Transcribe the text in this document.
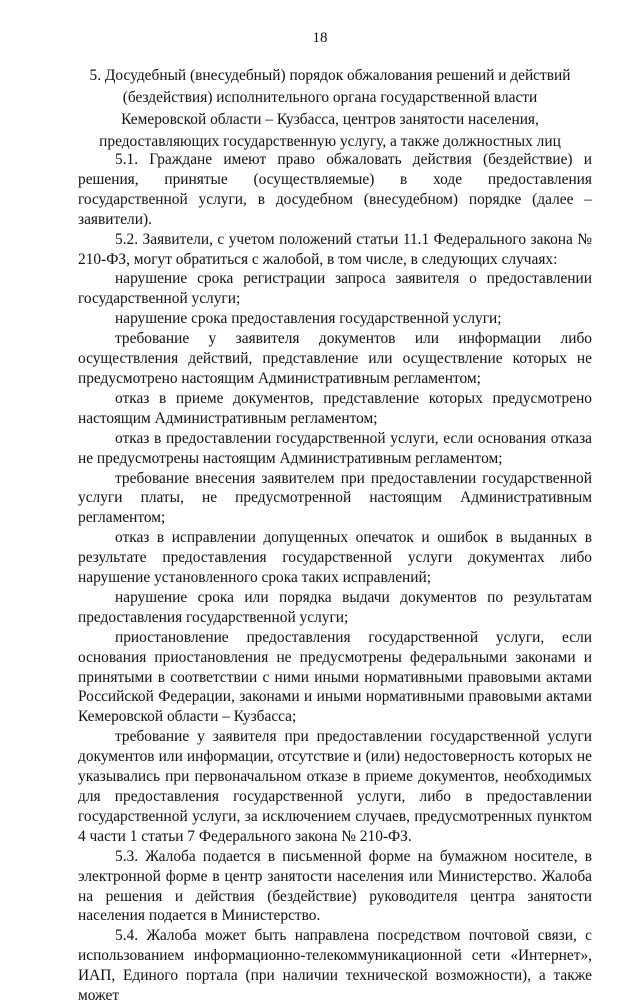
18
5. Досудебный (внесудебный) порядок обжалования решений и действий
(бездействия) исполнительного органа государственной власти
Кемеровской области – Кузбасса, центров занятости населения,
предоставляющих государственную услугу, а также должностных лиц

5.1. Граждане имеют право обжаловать действия (бездействие) и решения, принятые (осуществляемые) в ходе предоставления государственной услуги, в досудебном (внесудебном) порядке (далее – заявители).

5.2. Заявители, с учетом положений статьи 11.1 Федерального закона № 210-ФЗ, могут обратиться с жалобой, в том числе, в следующих случаях:

нарушение срока регистрации запроса заявителя о предоставлении государственной услуги;

нарушение срока предоставления государственной услуги;

требование у заявителя документов или информации либо осуществления действий, представление или осуществление которых не предусмотрено настоящим Административным регламентом;

отказ в приеме документов, представление которых предусмотрено настоящим Административным регламентом;

отказ в предоставлении государственной услуги, если основания отказа не предусмотрены настоящим Административным регламентом;

требование внесения заявителем при предоставлении государственной услуги платы, не предусмотренной настоящим Административным регламентом;

отказ в исправлении допущенных опечаток и ошибок в выданных в результате предоставления государственной услуги документах либо нарушение установленного срока таких исправлений;

нарушение срока или порядка выдачи документов по результатам предоставления государственной услуги;

приостановление предоставления государственной услуги, если основания приостановления не предусмотрены федеральными законами и принятыми в соответствии с ними иными нормативными правовыми актами Российской Федерации, законами и иными нормативными правовыми актами Кемеровской области – Кузбасса;

требование у заявителя при предоставлении государственной услуги документов или информации, отсутствие и (или) недостоверность которых не указывались при первоначальном отказе в приеме документов, необходимых для предоставления государственной услуги, либо в предоставлении государственной услуги, за исключением случаев, предусмотренных пунктом 4 части 1 статьи 7 Федерального закона № 210-ФЗ.

5.3. Жалоба подается в письменной форме на бумажном носителе, в электронной форме в центр занятости населения или Министерство. Жалоба на решения и действия (бездействие) руководителя центра занятости населения подается в Министерство.

5.4. Жалоба может быть направлена посредством почтовой связи, с использованием информационно-телекоммуникационной сети «Интернет», ИАП, Единого портала (при наличии технической возможности), а также может
